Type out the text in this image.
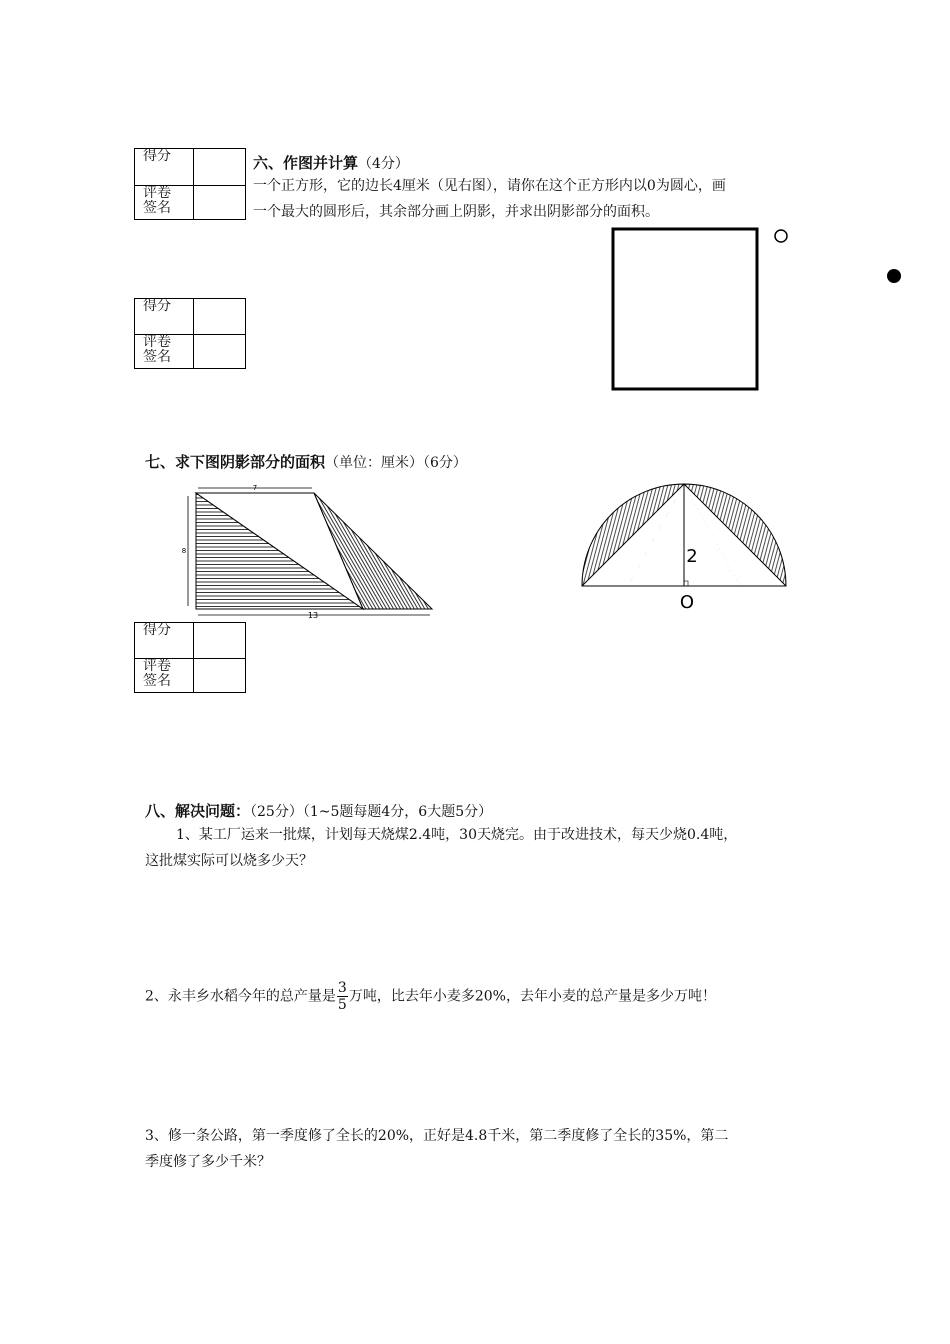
得分	
评卷
签名	
六、作图并计算（4分）
一个正方形，它的边长4厘米（见右图），请你在这个正方形内以0为圆心，画
一个最大的圆形后，其余部分画上阴影，并求出阴影部分的面积。
得分	
评卷
签名	
七、求下图阴影部分的面积（单位：厘米）（6分）
7
8
13
2
O
得分	
评卷
签名	
八、解决问题：（25分）（1~5题每题4分，6大题5分）
1、某工厂运来一批煤，计划每天烧煤2.4吨，30天烧完。由于改进技术，每天少烧0.4吨，
这批煤实际可以烧多少天？
2、永丰乡水稻今年的总产量是 $\frac{3}{5}$ 万吨，比去年小麦多20%，去年小麦的总产量是多少万吨！
3、修一条公路，第一季度修了全长的20%，正好是4.8千米，第二季度修了全长的35%，第二
季度修了多少千米？
